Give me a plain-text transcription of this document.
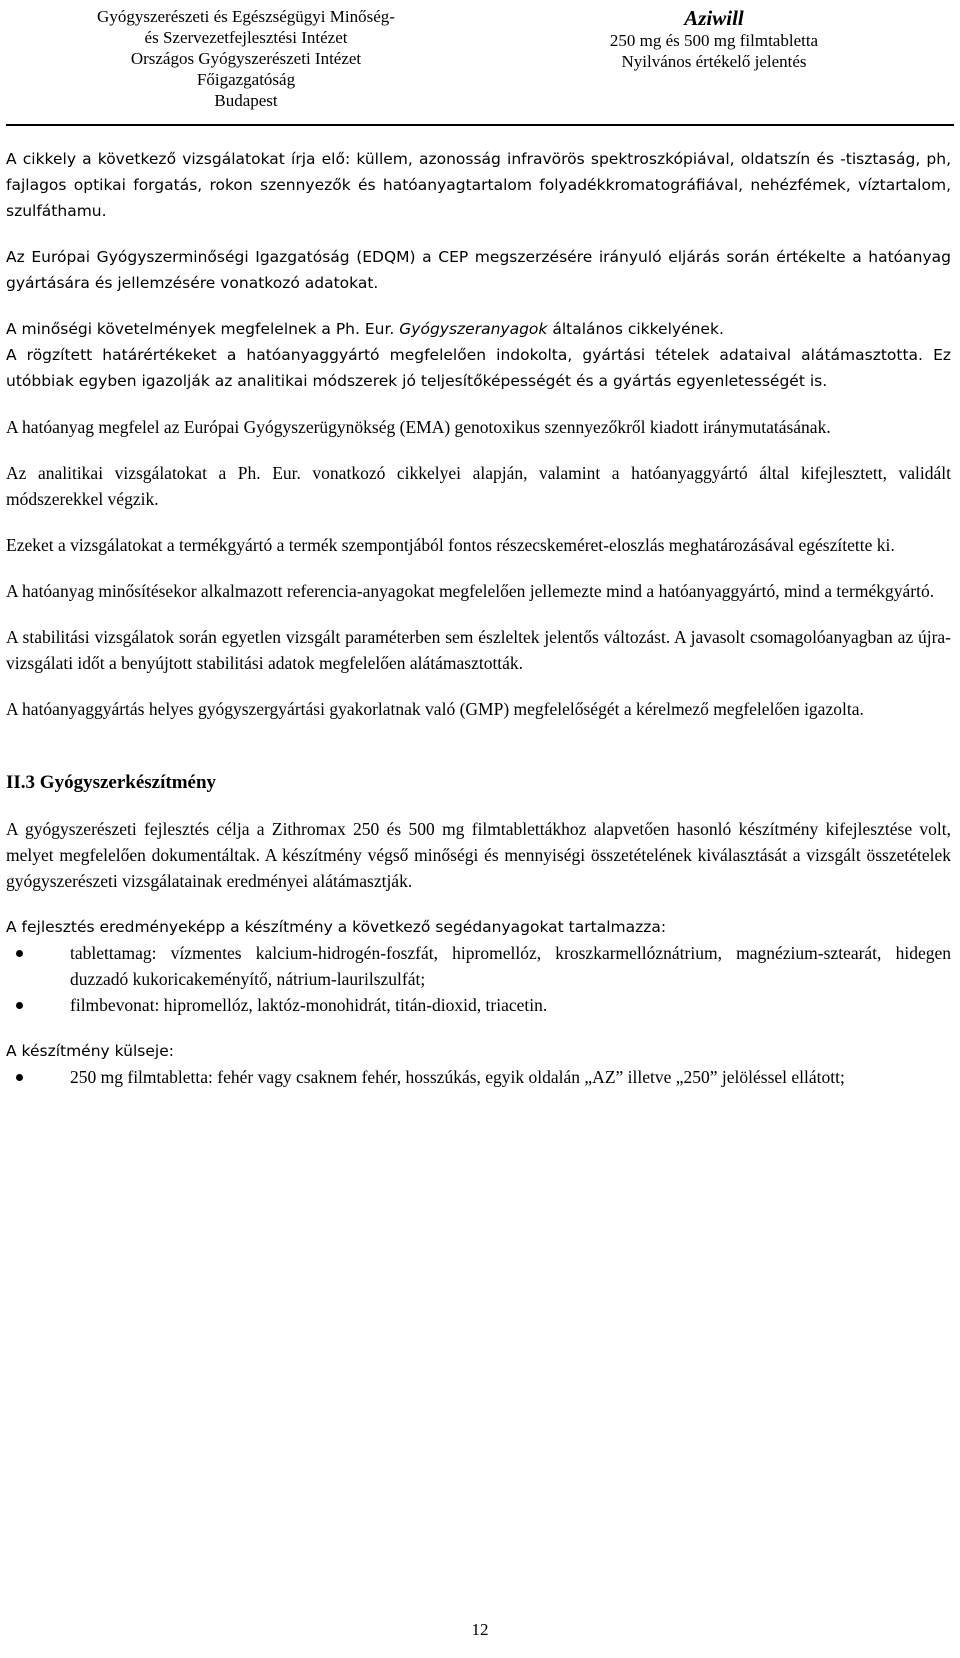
Gyógyszerészeti és Egészségügyi Minőség-
és Szervezetfejlesztési Intézet
Országos Gyógyszerészeti Intézet
Főigazgatóság
Budapest
Aziwill
250 mg és 500 mg filmtabletta
Nyilvános értékelő jelentés

A cikkely a következő vizsgálatokat írja elő: küllem, azonosság infravörös spektroszkópiával, oldatszín és -tisztaság, ph, fajlagos optikai forgatás, rokon szennyezők és hatóanyagtartalom folyadékkromatográfiával, nehézfémek, víztartalom, szulfáthamu.

Az Európai Gyógyszerminőségi Igazgatóság (EDQM) a CEP megszerzésére irányuló eljárás során értékelte a hatóanyag gyártására és jellemzésére vonatkozó adatokat.

A minőségi követelmények megfelelnek a Ph. Eur. Gyógyszeranyagok általános cikkelyének.

A rögzített határértékeket a hatóanyaggyártó megfelelően indokolta, gyártási tételek adataival alátámasztotta. Ez utóbbiak egyben igazolják az analitikai módszerek jó teljesítőképességét és a gyártás egyenletességét is.

A hatóanyag megfelel az Európai Gyógyszerügynökség (EMA) genotoxikus szennyezőkről kiadott iránymutatásának.

Az analitikai vizsgálatokat a Ph. Eur. vonatkozó cikkelyei alapján, valamint a hatóanyaggyártó által kifejlesztett, validált módszerekkel végzik.

Ezeket a vizsgálatokat a termékgyártó a termék szempontjából fontos részecskeméret-eloszlás meghatározásával egészítette ki.

A hatóanyag minősítésekor alkalmazott referencia-anyagokat megfelelően jellemezte mind a hatóanyaggyártó, mind a termékgyártó.

A stabilitási vizsgálatok során egyetlen vizsgált paraméterben sem észleltek jelentős változást. A javasolt csomagolóanyagban az újra-vizsgálati időt a benyújtott stabilitási adatok megfelelően alátámasztották.

A hatóanyaggyártás helyes gyógyszergyártási gyakorlatnak való (GMP) megfelelőségét a kérelmező megfelelően igazolta.

II.3 Gyógyszerkészítmény

A gyógyszerészeti fejlesztés célja a Zithromax 250 és 500 mg filmtablettákhoz alapvetően hasonló készítmény kifejlesztése volt, melyet megfelelően dokumentáltak. A készítmény végső minőségi és mennyiségi összetételének kiválasztását a vizsgált összetételek gyógyszerészeti vizsgálatainak eredményei alátámasztják.

A fejlesztés eredményeképp a készítmény a következő segédanyagokat tartalmazza:

tablettamag: vízmentes kalcium-hidrogén-foszfát, hipromellóz, kroszkarmellóznátrium, magnézium-sztearát, hidegen duzzadó kukoricakeményítő, nátrium-laurilszulfát;
filmbevonat: hipromellóz, laktóz-monohidrát, titán-dioxid, triacetin.

A készítmény külseje:

250 mg filmtabletta: fehér vagy csaknem fehér, hosszúkás, egyik oldalán „AZ” illetve „250” jelöléssel ellátott;
12
